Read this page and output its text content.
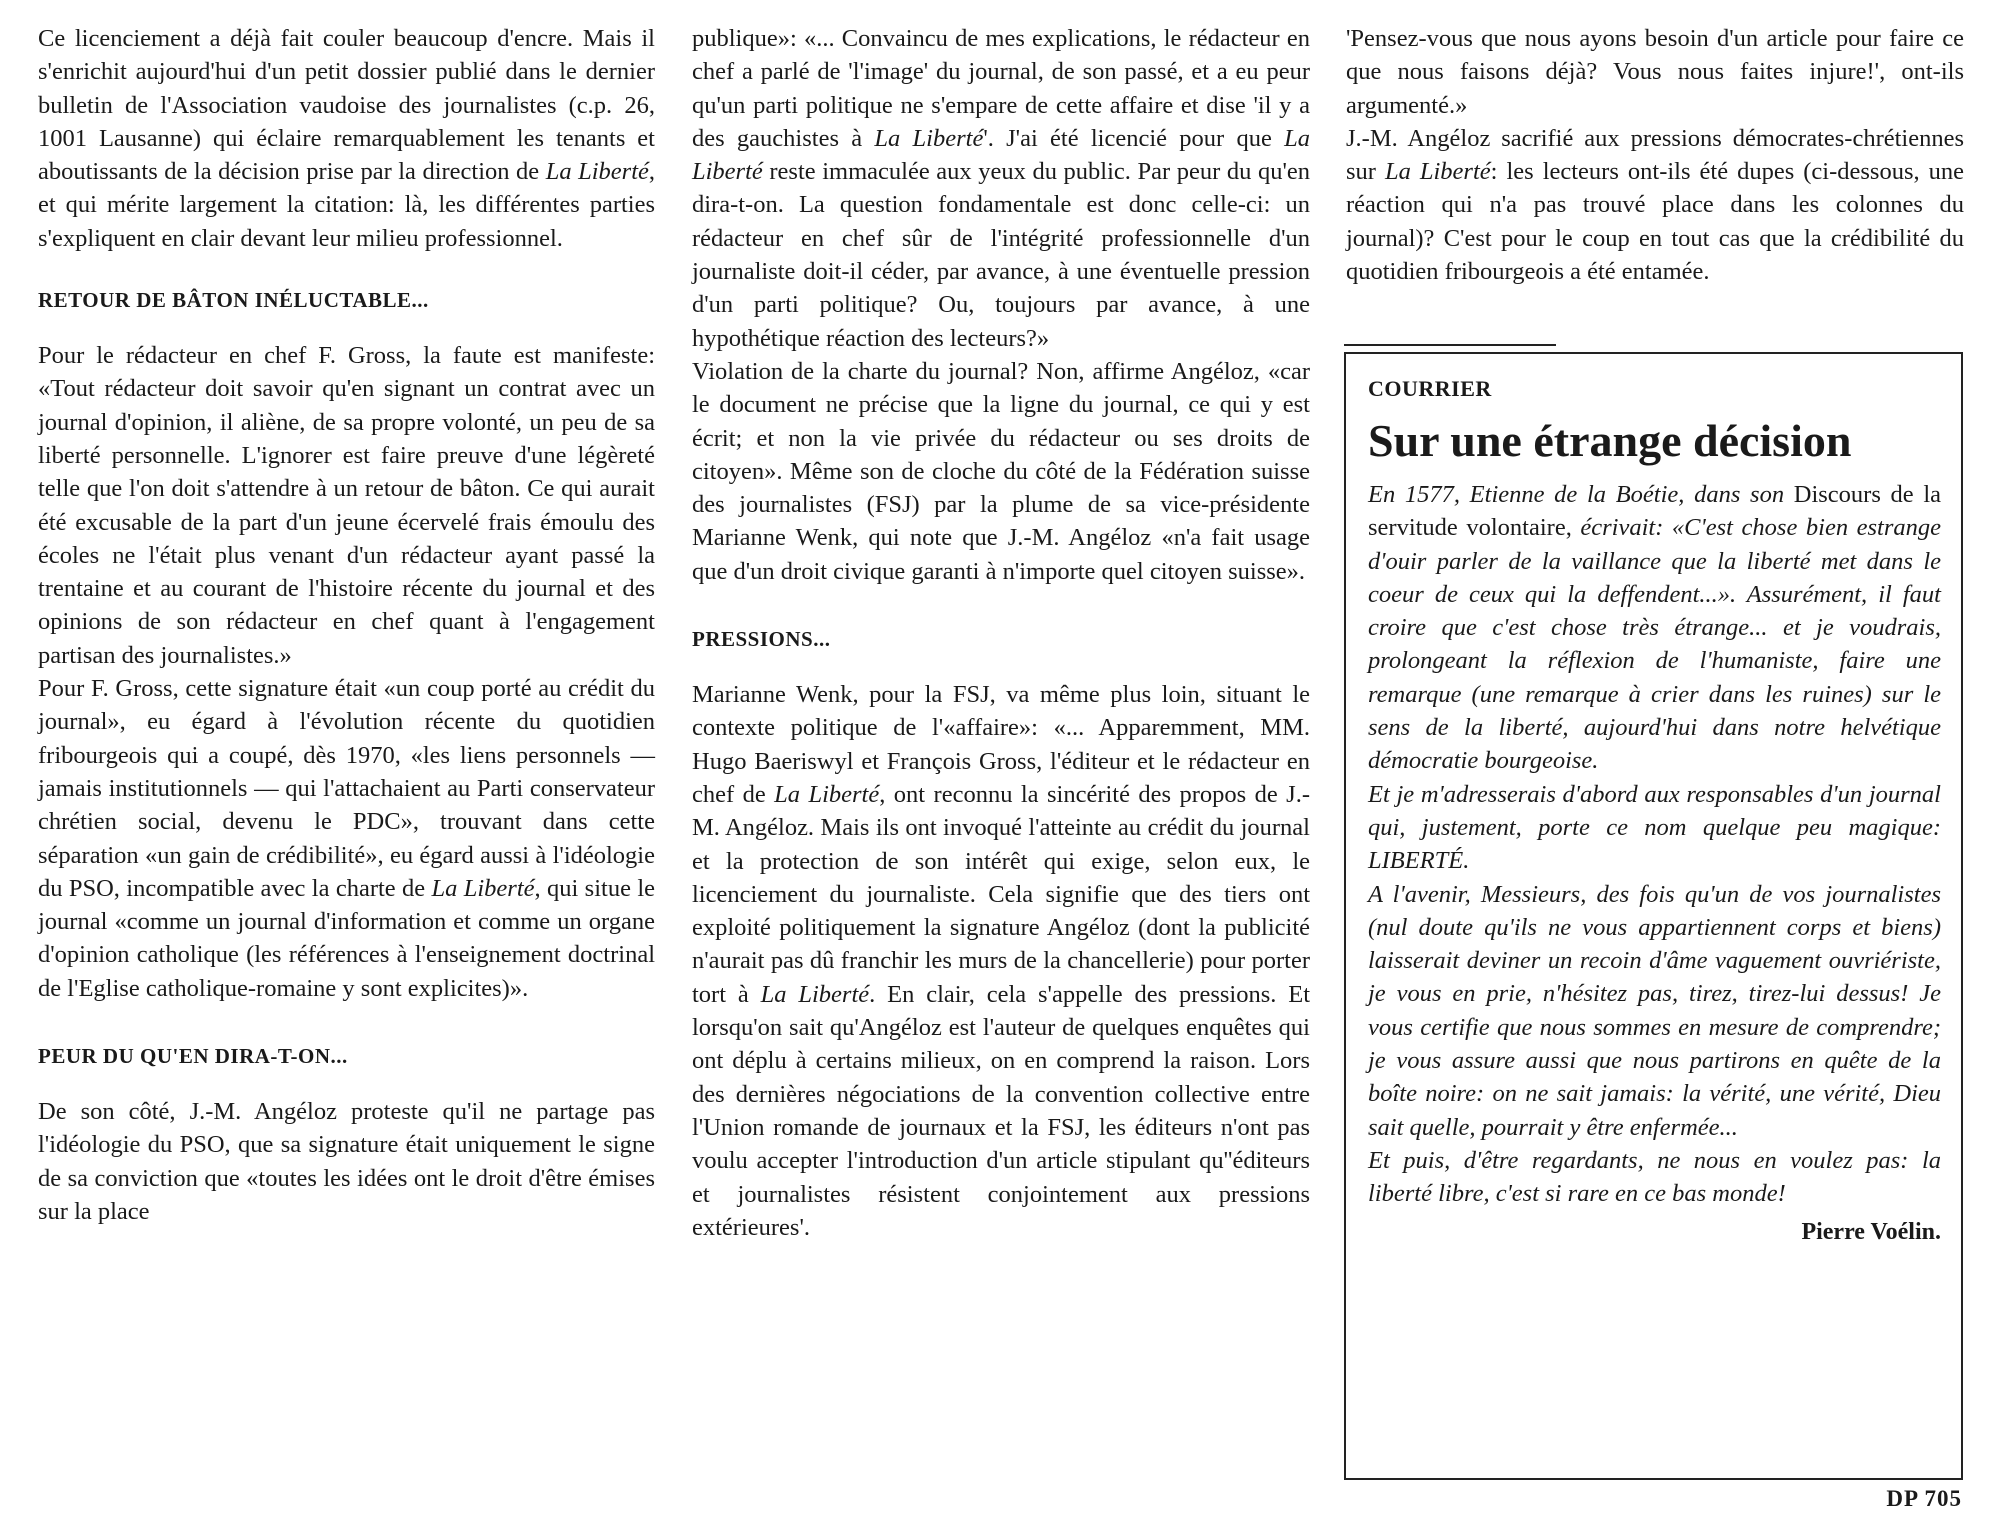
Ce licenciement a déjà fait couler beaucoup d'encre. Mais il s'enrichit aujourd'hui d'un petit dossier publié dans le dernier bulletin de l'Association vaudoise des journalistes (c.p. 26, 1001 Lausanne) qui éclaire remarquablement les tenants et aboutissants de la décision prise par la direction de La Liberté, et qui mérite largement la citation: là, les différentes parties s'expliquent en clair devant leur milieu professionnel.

RETOUR DE BÂTON INÉLUCTABLE...

Pour le rédacteur en chef F. Gross, la faute est manifeste: «Tout rédacteur doit savoir qu'en signant un contrat avec un journal d'opinion, il aliène, de sa propre volonté, un peu de sa liberté personnelle. L'ignorer est faire preuve d'une légèreté telle que l'on doit s'attendre à un retour de bâton. Ce qui aurait été excusable de la part d'un jeune écervelé frais émoulu des écoles ne l'était plus venant d'un rédacteur ayant passé la trentaine et au courant de l'histoire récente du journal et des opinions de son rédacteur en chef quant à l'engagement partisan des journalistes.»

Pour F. Gross, cette signature était «un coup porté au crédit du journal», eu égard à l'évolution récente du quotidien fribourgeois qui a coupé, dès 1970, «les liens personnels — jamais institutionnels — qui l'attachaient au Parti conservateur chrétien social, devenu le PDC», trouvant dans cette séparation «un gain de crédibilité», eu égard aussi à l'idéologie du PSO, incompatible avec la charte de La Liberté, qui situe le journal «comme un journal d'information et comme un organe d'opinion catholique (les références à l'enseignement doctrinal de l'Eglise catholique-romaine y sont explicites)».

PEUR DU QU'EN DIRA-T-ON...

De son côté, J.-M. Angéloz proteste qu'il ne partage pas l'idéologie du PSO, que sa signature était uniquement le signe de sa conviction que «toutes les idées ont le droit d'être émises sur la place

publique»: «... Convaincu de mes explications, le rédacteur en chef a parlé de 'l'image' du journal, de son passé, et a eu peur qu'un parti politique ne s'empare de cette affaire et dise 'il y a des gauchistes à La Liberté'. J'ai été licencié pour que La Liberté reste immaculée aux yeux du public. Par peur du qu'en dira-t-on. La question fondamentale est donc celle-ci: un rédacteur en chef sûr de l'intégrité professionnelle d'un journaliste doit-il céder, par avance, à une éventuelle pression d'un parti politique? Ou, toujours par avance, à une hypothétique réaction des lecteurs?»

Violation de la charte du journal? Non, affirme Angéloz, «car le document ne précise que la ligne du journal, ce qui y est écrit; et non la vie privée du rédacteur ou ses droits de citoyen». Même son de cloche du côté de la Fédération suisse des journalistes (FSJ) par la plume de sa vice-présidente Marianne Wenk, qui note que J.-M. Angéloz «n'a fait usage que d'un droit civique garanti à n'importe quel citoyen suisse».

PRESSIONS...

Marianne Wenk, pour la FSJ, va même plus loin, situant le contexte politique de l'«affaire»: «... Apparemment, MM. Hugo Baeriswyl et François Gross, l'éditeur et le rédacteur en chef de La Liberté, ont reconnu la sincérité des propos de J.-M. Angéloz. Mais ils ont invoqué l'atteinte au crédit du journal et la protection de son intérêt qui exige, selon eux, le licenciement du journaliste. Cela signifie que des tiers ont exploité politiquement la signature Angéloz (dont la publicité n'aurait pas dû franchir les murs de la chancellerie) pour porter tort à La Liberté. En clair, cela s'appelle des pressions. Et lorsqu'on sait qu'Angéloz est l'auteur de quelques enquêtes qui ont déplu à certains milieux, on en comprend la raison. Lors des dernières négociations de la convention collective entre l'Union romande de journaux et la FSJ, les éditeurs n'ont pas voulu accepter l'introduction d'un article stipulant qu''éditeurs et journalistes résistent conjointement aux pressions extérieures'.

'Pensez-vous que nous ayons besoin d'un article pour faire ce que nous faisons déjà? Vous nous faites injure!', ont-ils argumenté.»

J.-M. Angéloz sacrifié aux pressions démocrates-chrétiennes sur La Liberté: les lecteurs ont-ils été dupes (ci-dessous, une réaction qui n'a pas trouvé place dans les colonnes du journal)? C'est pour le coup en tout cas que la crédibilité du quotidien fribourgeois a été entamée.

COURRIER
Sur une étrange décision

En 1577, Etienne de la Boétie, dans son Discours de la servitude volontaire, écrivait: «C'est chose bien estrange d'ouir parler de la vaillance que la liberté met dans le coeur de ceux qui la deffendent...». Assurément, il faut croire que c'est chose très étrange... et je voudrais, prolongeant la réflexion de l'humaniste, faire une remarque (une remarque à crier dans les ruines) sur le sens de la liberté, aujourd'hui dans notre helvétique démocratie bourgeoise.

Et je m'adresserais d'abord aux responsables d'un journal qui, justement, porte ce nom quelque peu magique: LIBERTÉ.

A l'avenir, Messieurs, des fois qu'un de vos journalistes (nul doute qu'ils ne vous appartiennent corps et biens) laisserait deviner un recoin d'âme vaguement ouvriériste, je vous en prie, n'hésitez pas, tirez, tirez-lui dessus! Je vous certifie que nous sommes en mesure de comprendre; je vous assure aussi que nous partirons en quête de la boîte noire: on ne sait jamais: la vérité, une vérité, Dieu sait quelle, pourrait y être enfermée...

Et puis, d'être regardants, ne nous en voulez pas: la liberté libre, c'est si rare en ce bas monde!

Pierre Voélin.
DP 705
